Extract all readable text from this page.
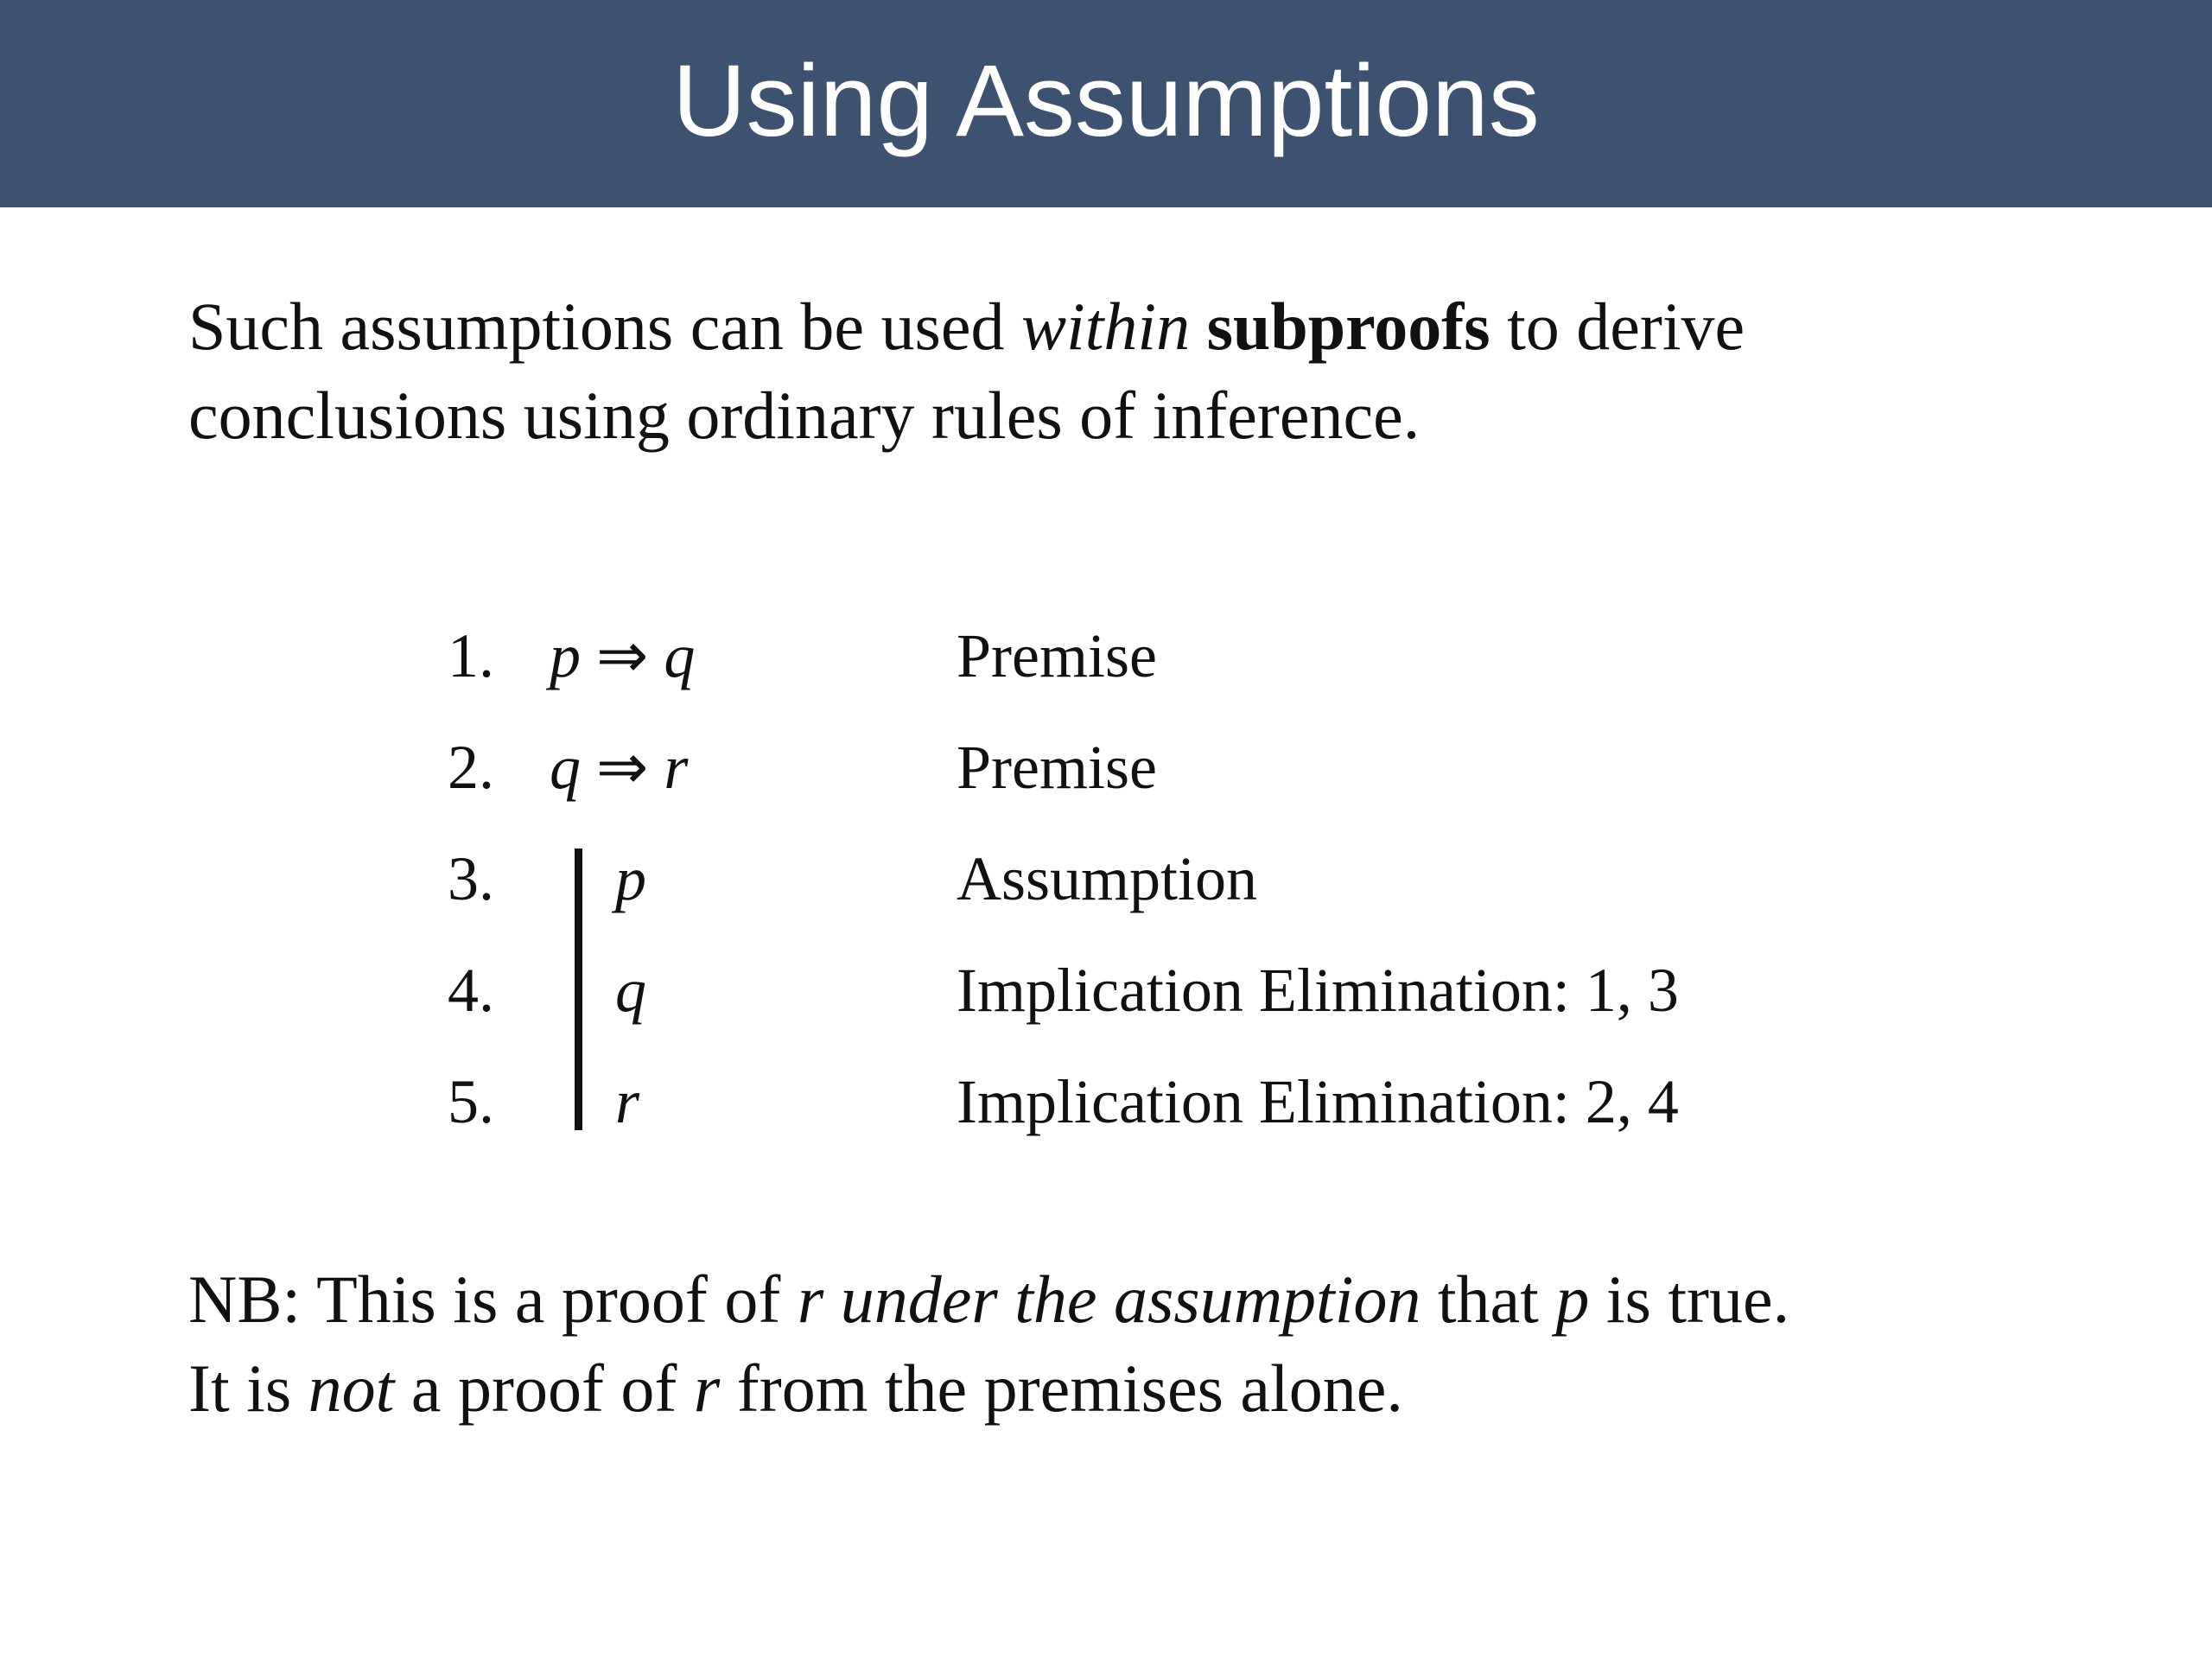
Using Assumptions
Such assumptions can be used within subproofs to derive conclusions using ordinary rules of inference.
1. p ⇒ q	Premise
2. q ⇒ r	Premise
3. p	Assumption
4. q	Implication Elimination: 1, 3
5. r	Implication Elimination: 2, 4
NB: This is a proof of r under the assumption that p is true.
It is not a proof of r from the premises alone.
